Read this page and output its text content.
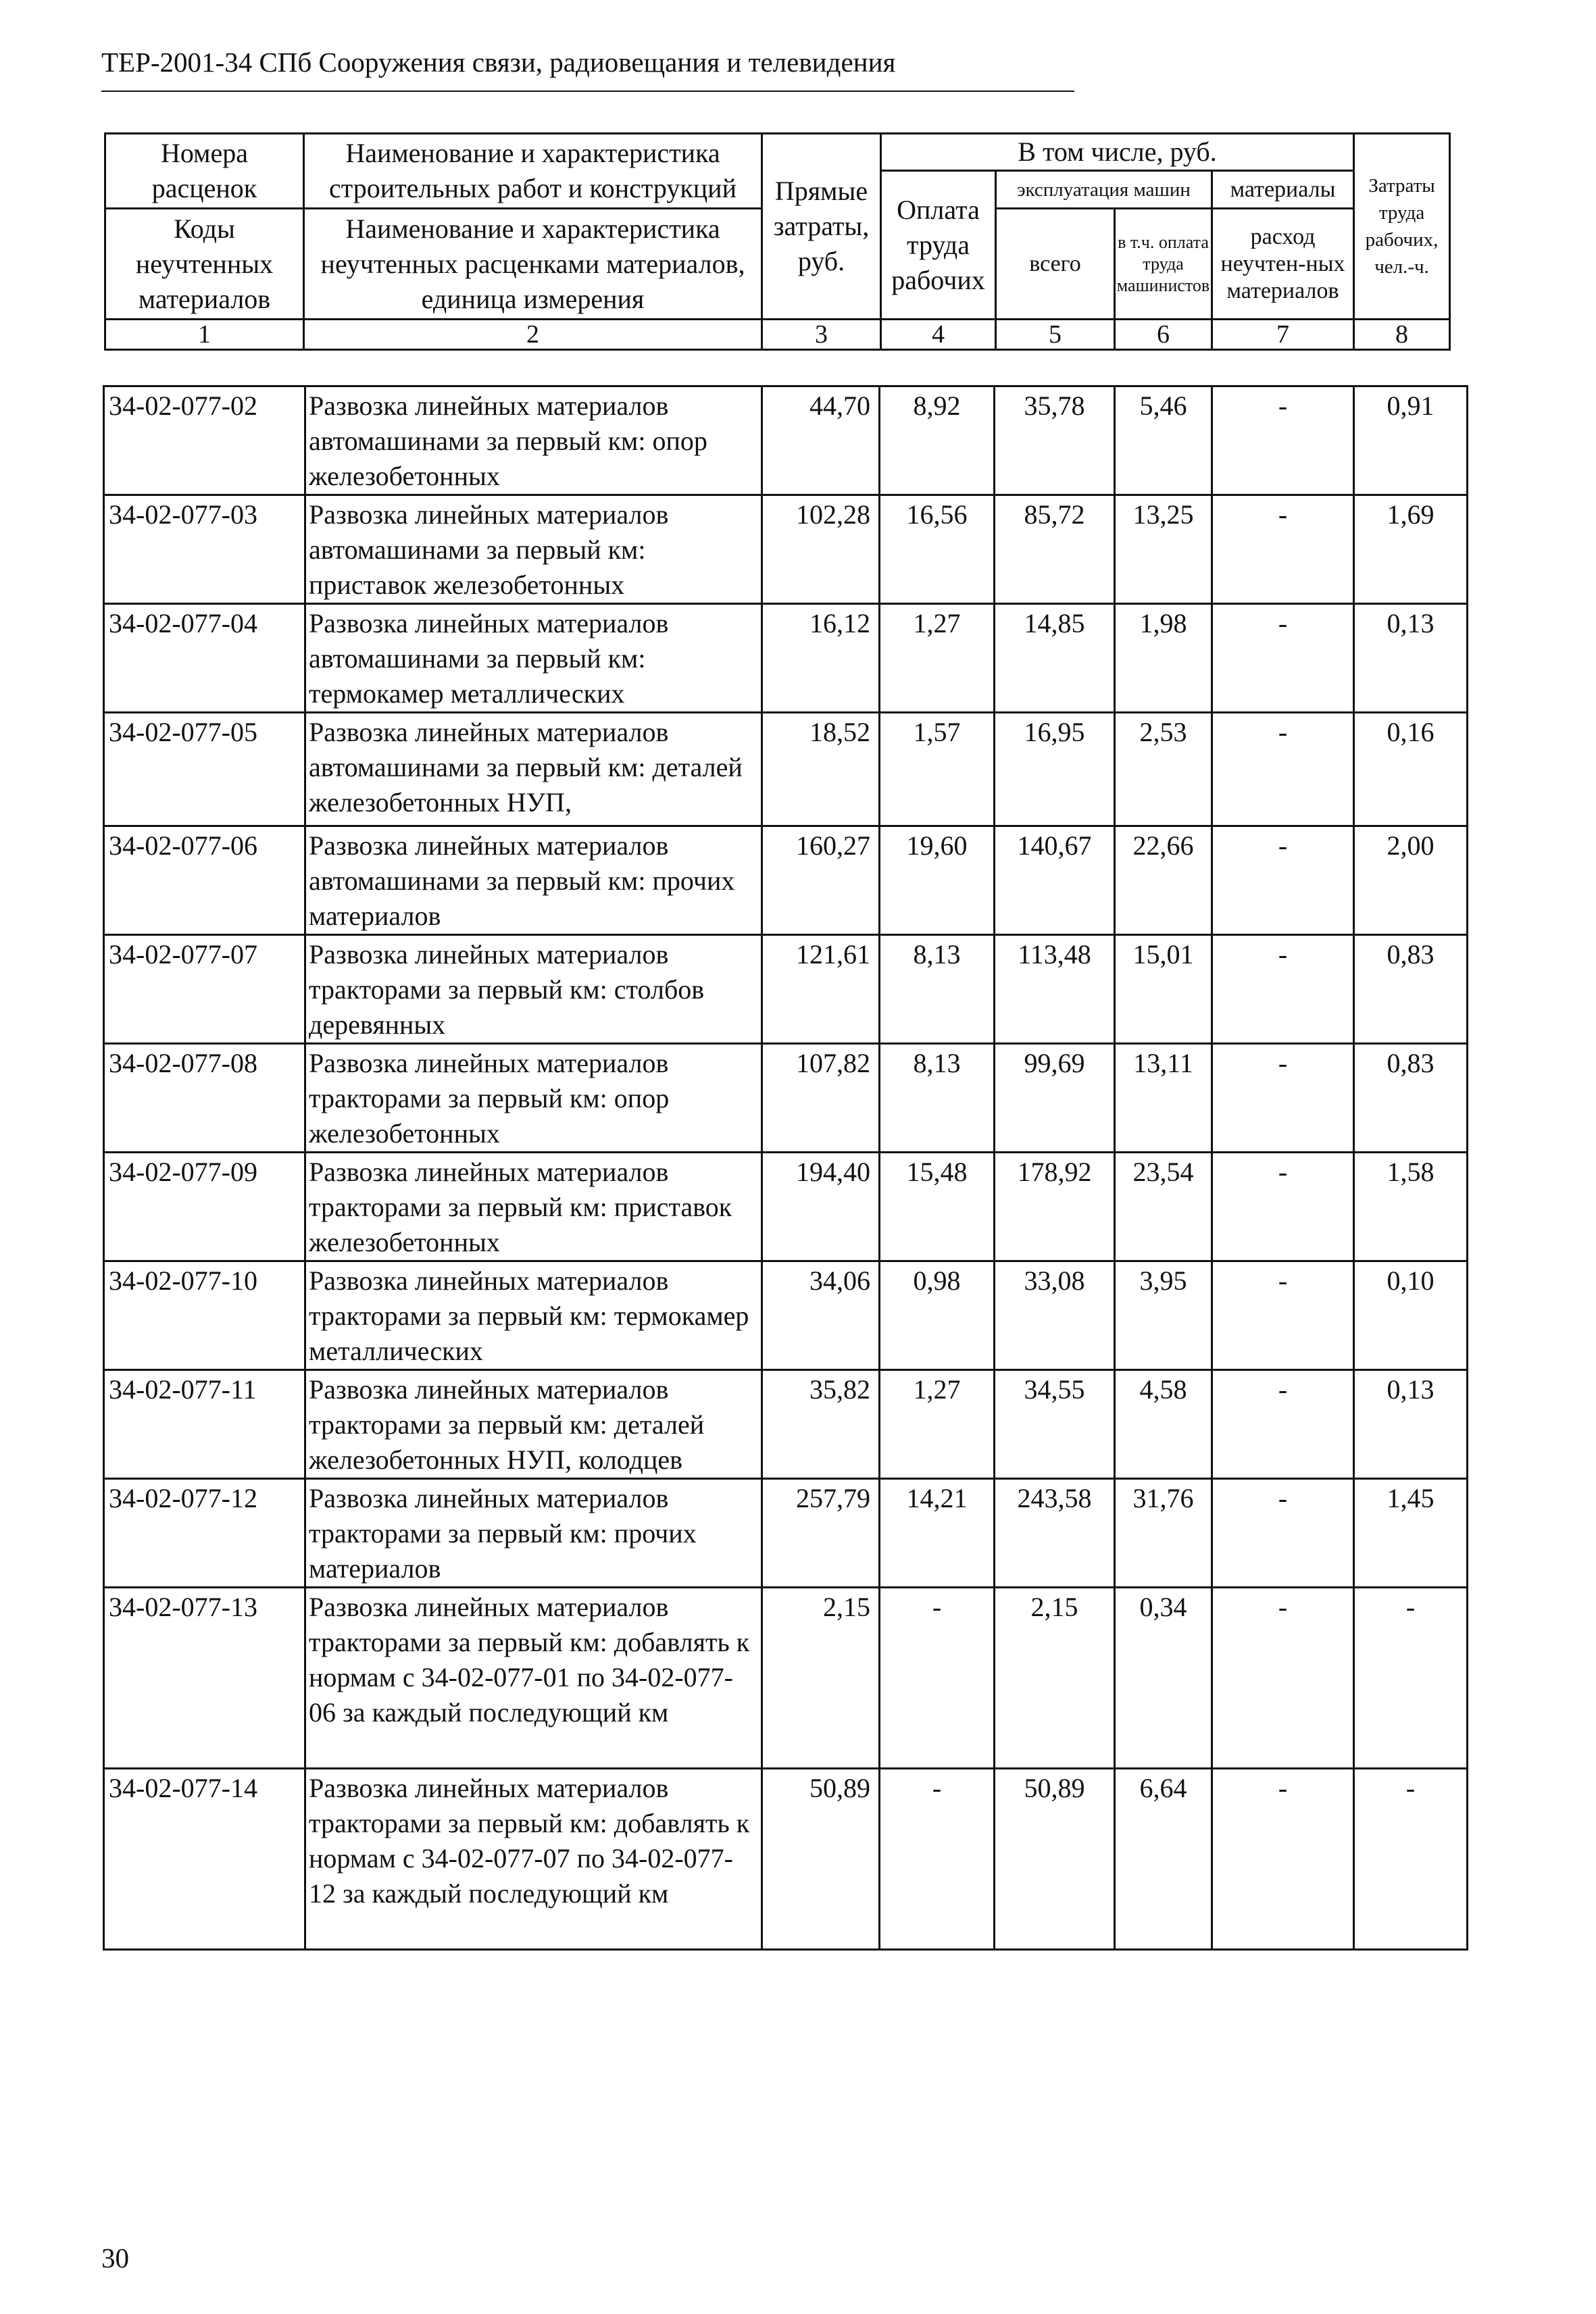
ТЕР-2001-34 СПб Сооружения связи, радиовещания и телевидения
Номера расценок	Наименование и характеристика строительных работ и конструкций	Прямые затраты, руб.	В том числе, руб.				Затраты труда рабочих, чел.-ч.
			Оплата труда рабочих	эксплуатация машин		материалы	
Коды неучтенных материалов	Наименование и характеристика неучтенных расценками материалов, единица измерения			всего	в т.ч. оплата труда машинистов	расход неучтен-ных материалов	

1	2	3	4	5	6	7	8
34-02-077-02	Развозка линейных материалов автомашинами за первый км: опор железобетонных	44,70	8,92	35,78	5,46	-	0,91
34-02-077-03	Развозка линейных материалов автомашинами за первый км: приставок железобетонных	102,28	16,56	85,72	13,25	-	1,69
34-02-077-04	Развозка линейных материалов автомашинами за первый км: термокамер металлических	16,12	1,27	14,85	1,98	-	0,13
34-02-077-05	Развозка линейных материалов автомашинами за первый км: деталей железобетонных НУП,	18,52	1,57	16,95	2,53	-	0,16
34-02-077-06	Развозка линейных материалов автомашинами за первый км: прочих материалов	160,27	19,60	140,67	22,66	-	2,00
34-02-077-07	Развозка линейных материалов тракторами за первый км: столбов деревянных	121,61	8,13	113,48	15,01	-	0,83
34-02-077-08	Развозка линейных материалов тракторами за первый км: опор железобетонных	107,82	8,13	99,69	13,11	-	0,83
34-02-077-09	Развозка линейных материалов тракторами за первый км: приставок железобетонных	194,40	15,48	178,92	23,54	-	1,58
34-02-077-10	Развозка линейных материалов тракторами за первый км: термокамер металлических	34,06	0,98	33,08	3,95	-	0,10
34-02-077-11	Развозка линейных материалов тракторами за первый км: деталей железобетонных НУП, колодцев	35,82	1,27	34,55	4,58	-	0,13
34-02-077-12	Развозка линейных материалов тракторами за первый км: прочих материалов	257,79	14,21	243,58	31,76	-	1,45
34-02-077-13	Развозка линейных материалов тракторами за первый км: добавлять к нормам с 34-02-077-01 по 34-02-077-06 за каждый последующий км	2,15	-	2,15	0,34	-	-
34-02-077-14	Развозка линейных материалов тракторами за первый км: добавлять к нормам с 34-02-077-07 по 34-02-077-12 за каждый последующий км	50,89	-	50,89	6,64	-	-
30
